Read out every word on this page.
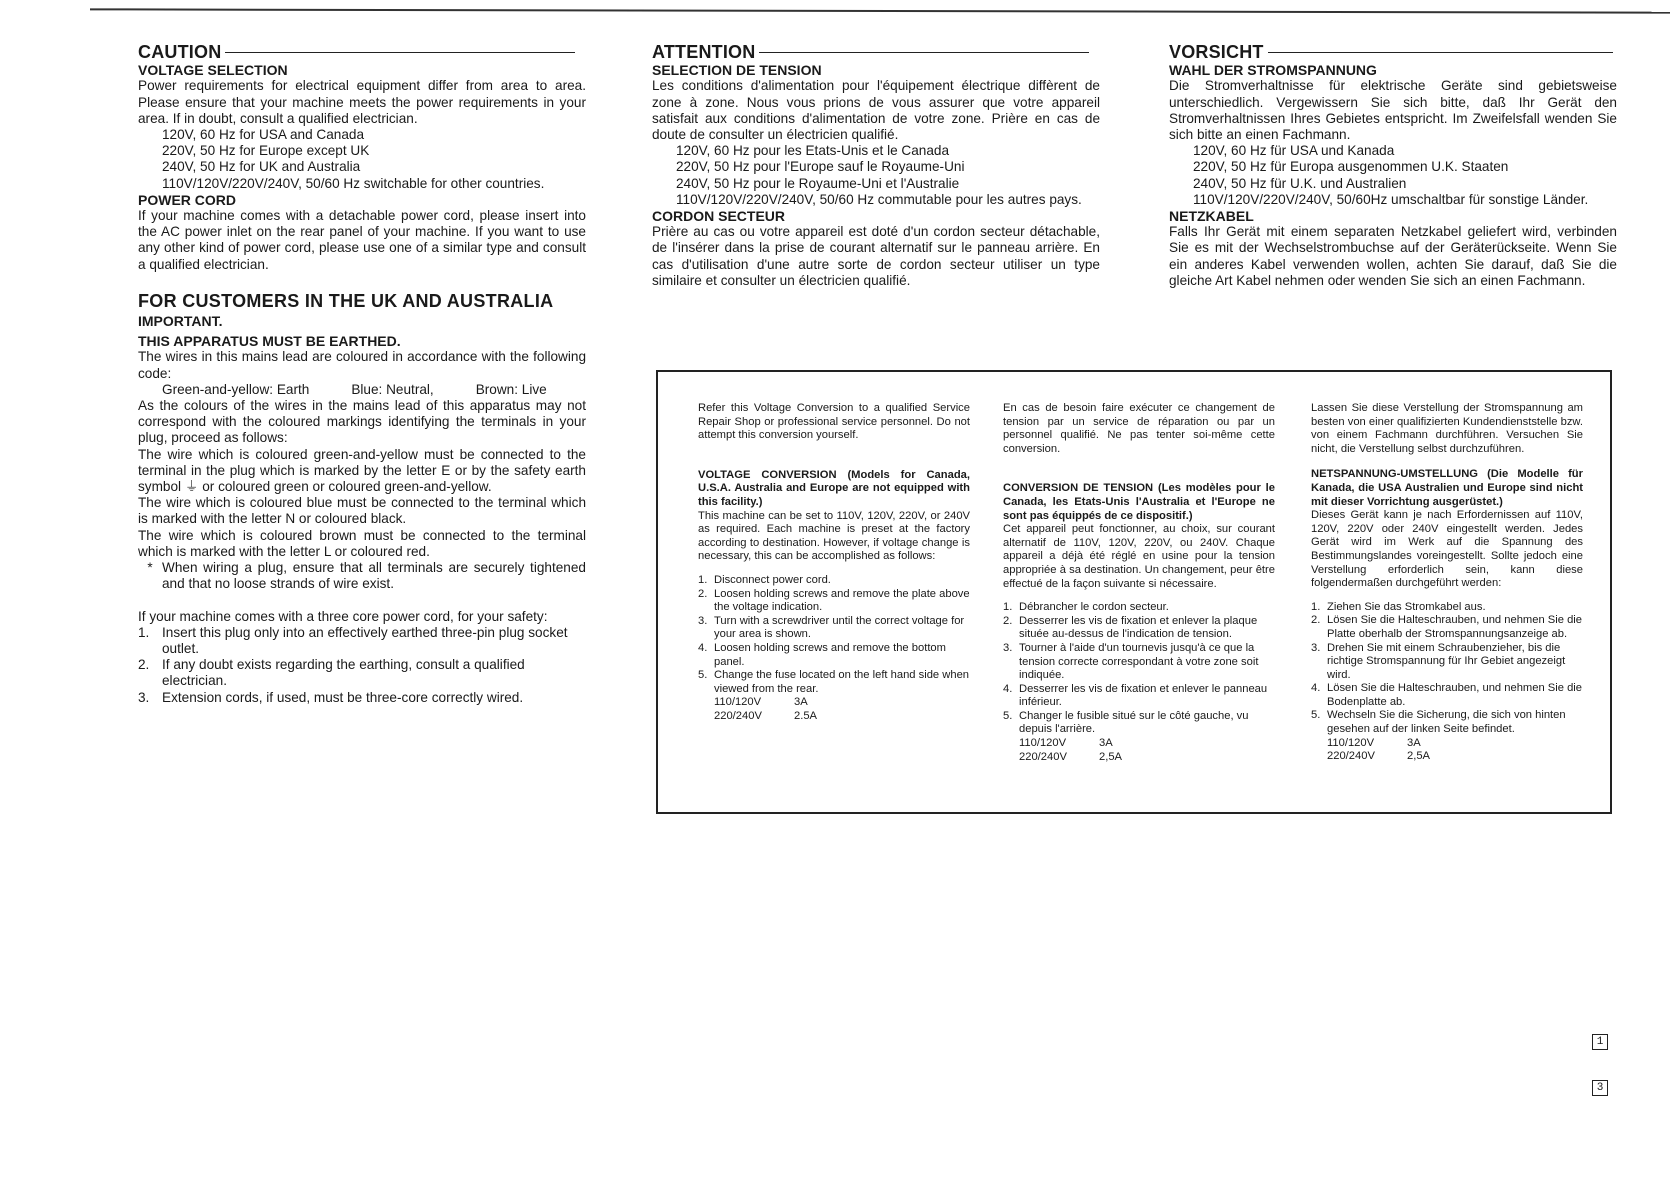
CAUTION

VOLTAGE SELECTION

Power requirements for electrical equipment differ from area to area. Please ensure that your machine meets the power requirements in your area. If in doubt, consult a qualified electrician.

120V, 60 Hz for USA and Canada

220V, 50 Hz for Europe except UK

240V, 50 Hz for UK and Australia

110V/120V/220V/240V, 50/60 Hz switchable for other countries.

POWER CORD

If your machine comes with a detachable power cord, please insert into the AC power inlet on the rear panel of your machine. If you want to use any other kind of power cord, please use one of a similar type and consult a qualified electrician.

FOR CUSTOMERS IN THE UK AND AUSTRALIA

IMPORTANT.

THIS APPARATUS MUST BE EARTHED.

The wires in this mains lead are coloured in accordance with the following code:

Green-and-yellow: Earth	Blue: Neutral,	Brown: Live

As the colours of the wires in the mains lead of this apparatus may not correspond with the coloured markings identifying the terminals in your plug, proceed as follows:

The wire which is coloured green-and-yellow must be connected to the terminal in the plug which is marked by the letter E or by the safety earth symbol ⏚ or coloured green or coloured green-and-yellow.

The wire which is coloured blue must be connected to the terminal which is marked with the letter N or coloured black.

The wire which is coloured brown must be connected to the terminal which is marked with the letter L or coloured red.

* When wiring a plug, ensure that all terminals are securely tightened and that no loose strands of wire exist.

If your machine comes with a three core power cord, for your safety:

1. Insert this plug only into an effectively earthed three-pin plug socket outlet.
2. If any doubt exists regarding the earthing, consult a qualified electrician.
3. Extension cords, if used, must be three-core correctly wired.
ATTENTION

SELECTION DE TENSION

Les conditions d'alimentation pour l'équipement électrique diffèrent de zone à zone. Nous vous prions de vous assurer que votre appareil satisfait aux conditions d'alimentation de votre zone. Prière en cas de doute de consulter un électricien qualifié.

120V, 60 Hz pour les Etats-Unis et le Canada

220V, 50 Hz pour l'Europe sauf le Royaume-Uni

240V, 50 Hz pour le Royaume-Uni et l'Australie

110V/120V/220V/240V, 50/60 Hz commutable pour les autres pays.

CORDON SECTEUR

Prière au cas ou votre appareil est doté d'un cordon secteur détachable, de l'insérer dans la prise de courant alternatif sur le panneau arrière. En cas d'utilisation d'une autre sorte de cordon secteur utiliser un type similaire et consulter un électricien qualifié.

VORSICHT

WAHL DER STROMSPANNUNG

Die Stromverhaltnisse für elektrische Geräte sind gebietsweise unterschiedlich. Vergewissern Sie sich bitte, daß Ihr Gerät den Stromverhaltnissen Ihres Gebietes entspricht. Im Zweifelsfall wenden Sie sich bitte an einen Fachmann.

120V, 60 Hz für USA und Kanada

220V, 50 Hz für Europa ausgenommen U.K. Staaten

240V, 50 Hz für U.K. und Australien

110V/120V/220V/240V, 50/60Hz umschaltbar für sonstige Länder.

NETZKABEL

Falls Ihr Gerät mit einem separaten Netzkabel geliefert wird, verbinden Sie es mit der Wechselstrombuchse auf der Geräterückseite. Wenn Sie ein anderes Kabel verwenden wollen, achten Sie darauf, daß Sie die gleiche Art Kabel nehmen oder wenden Sie sich an einen Fachmann.

Refer this Voltage Conversion to a qualified Service Repair Shop or professional service personnel. Do not attempt this conversion yourself.

VOLTAGE CONVERSION (Models for Canada, U.S.A. Australia and Europe are not equipped with this facility.)

This machine can be set to 110V, 120V, 220V, or 240V as required. Each machine is preset at the factory according to destination. However, if voltage change is necessary, this can be accomplished as follows:

1. Disconnect power cord.
2. Loosen holding screws and remove the plate above the voltage indication.
3. Turn with a screwdriver until the correct voltage for your area is shown.
4. Loosen holding screws and remove the bottom panel.
5. Change the fuse located on the left hand side when viewed from the rear.
110/120V	3A
220/240V	2.5A

En cas de besoin faire exécuter ce changement de tension par un service de réparation ou par un personnel qualifié. Ne pas tenter soi-même cette conversion.

CONVERSION DE TENSION (Les modèles pour le Canada, les Etats-Unis l'Australia et l'Europe ne sont pas équippés de ce dispositif.)

Cet appareil peut fonctionner, au choix, sur courant alternatif de 110V, 120V, 220V, ou 240V. Chaque appareil a déjà été réglé en usine pour la tension appropriée à sa destination. Un changement, peur être effectué de la façon suivante si nécessaire.

1. Débrancher le cordon secteur.
2. Desserrer les vis de fixation et enlever la plaque située au-dessus de l'indication de tension.
3. Tourner à l'aide d'un tournevis jusqu'à ce que la tension correcte correspondant à votre zone soit indiquée.
4. Desserrer les vis de fixation et enlever le panneau inférieur.
5. Changer le fusible situé sur le côté gauche, vu depuis l'arrière.
110/120V	3A
220/240V	2,5A

Lassen Sie diese Verstellung der Stromspannung am besten von einer qualifizierten Kundendienststelle bzw. von einem Fachmann durchführen. Versuchen Sie nicht, die Verstellung selbst durchzuführen.

NETSPANNUNG-UMSTELLUNG (Die Modelle für Kanada, die USA Australien und Europe sind nicht mit dieser Vorrichtung ausgerüstet.)

Dieses Gerät kann je nach Erfordernissen auf 110V, 120V, 220V oder 240V eingestellt werden. Jedes Gerät wird im Werk auf die Spannung des Bestimmungslandes voreingestellt. Sollte jedoch eine Verstellung erforderlich sein, kann diese folgendermaßen durchgeführt werden:

1. Ziehen Sie das Stromkabel aus.
2. Lösen Sie die Halteschrauben, und nehmen Sie die Platte oberhalb der Stromspannungsanzeige ab.
3. Drehen Sie mit einem Schraubenzieher, bis die richtige Stromspannung für Ihr Gebiet angezeigt wird.
4. Lösen Sie die Halteschrauben, und nehmen Sie die Bodenplatte ab.
5. Wechseln Sie die Sicherung, die sich von hinten gesehen auf der linken Seite befindet.
110/120V	3A
220/240V	2,5A
1
3
